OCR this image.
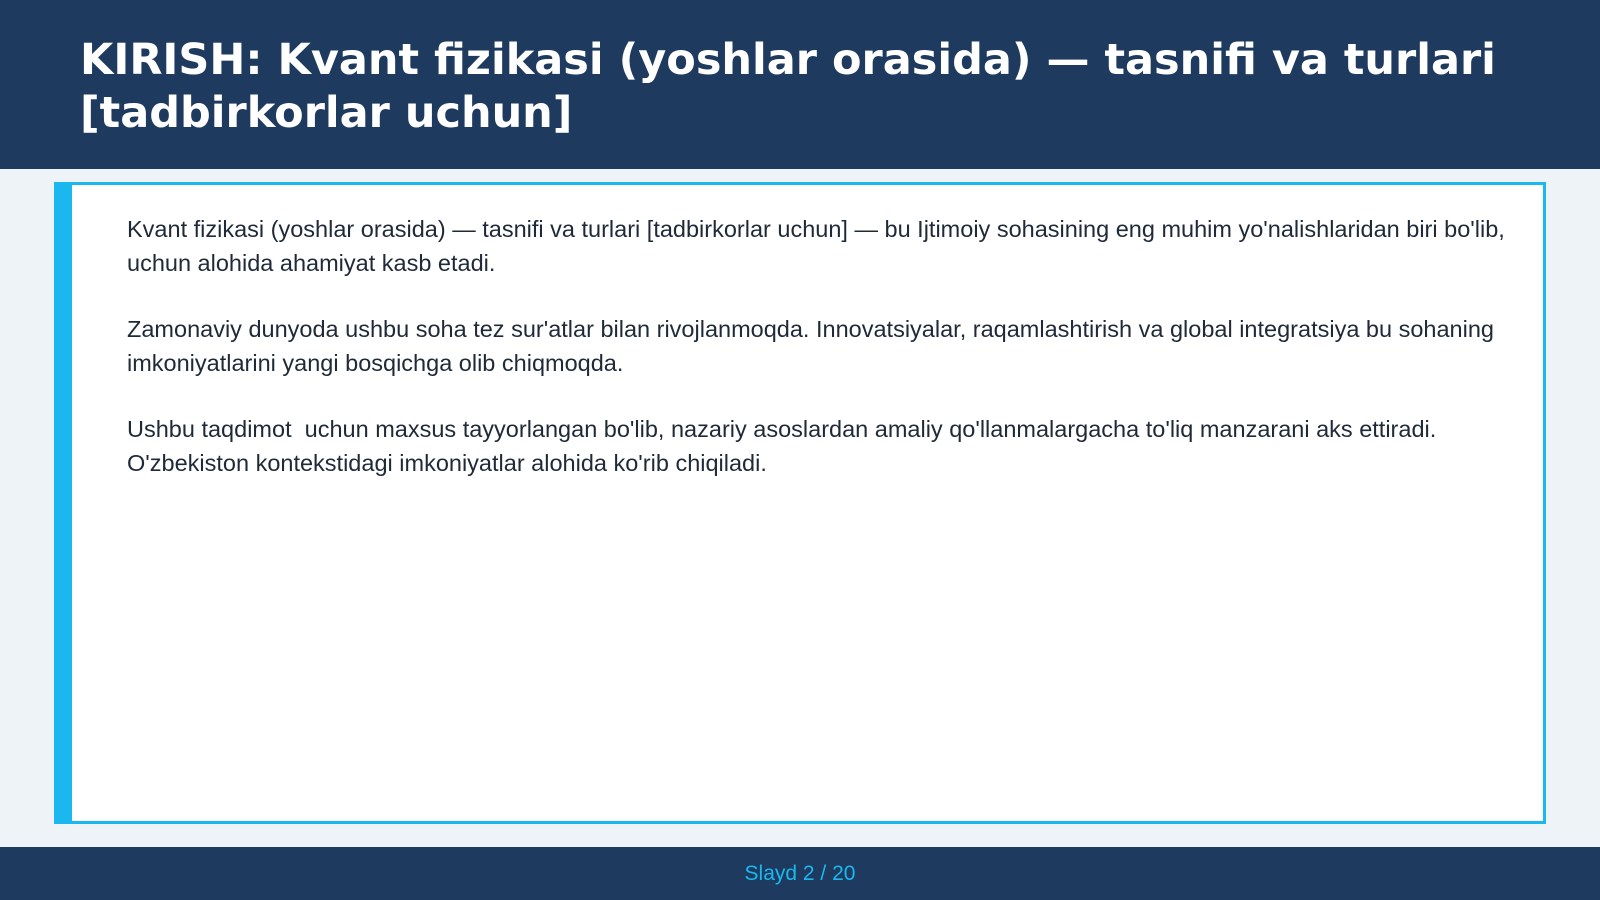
KIRISH: Kvant fizikasi (yoshlar orasida) — tasnifi va turlari [tadbirkorlar uchun]

Kvant fizikasi (yoshlar orasida) — tasnifi va turlari [tadbirkorlar uchun] — bu Ijtimoiy sohasining eng muhim yo'nalishlaridan biri bo'lib,  uchun alohida ahamiyat kasb etadi.

Zamonaviy dunyoda ushbu soha tez sur'atlar bilan rivojlanmoqda. Innovatsiyalar, raqamlashtirish va global integratsiya bu sohaning imkoniyatlarini yangi bosqichga olib chiqmoqda.

Ushbu taqdimot  uchun maxsus tayyorlangan bo'lib, nazariy asoslardan amaliy qo'llanmalargacha to'liq manzarani aks ettiradi. O'zbekiston kontekstidagi imkoniyatlar alohida ko'rib chiqiladi.

Slayd 2 / 20
